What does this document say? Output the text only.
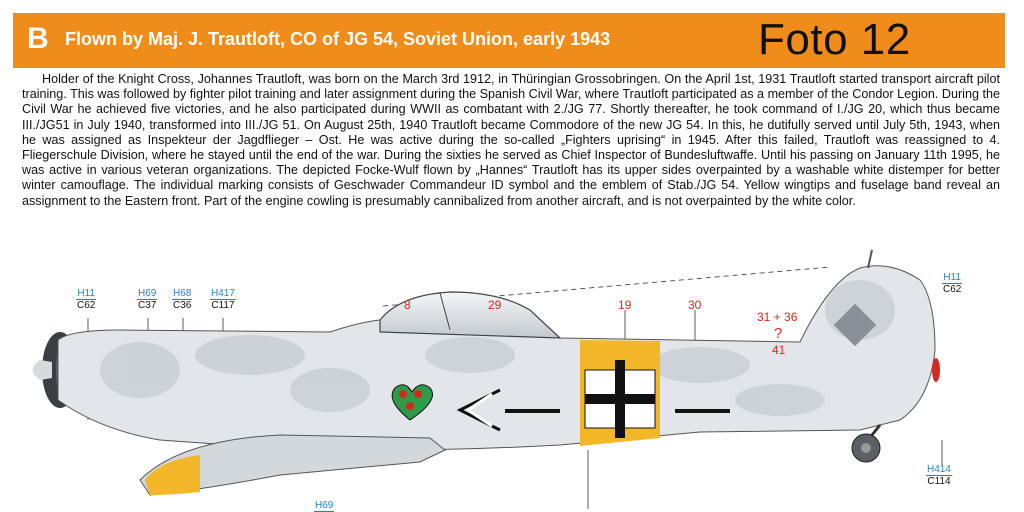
B Flown by Maj. J. Trautloft, CO of JG 54, Soviet Union, early 1943	Foto 12
Holder of the Knight Cross, Johannes Trautloft, was born on the March 3rd 1912, in Thüringian Grossobringen. On the April 1st, 1931 Trautloft started transport aircraft pilot training. This was followed by fighter pilot training and later assignment during the Spanish Civil War, where Trautloft participated as a member of the Condor Legion. During the Civil War he achieved five victories, and he also participated during WWII as combatant with 2./JG 77. Shortly thereafter, he took command of I./JG 20, which thus became III./JG51 in July 1940, transformed into III./JG 51. On August 25th, 1940 Trautloft became Commodore of the new JG 54. In this, he dutifully served until July 5th, 1943, when he was assigned as Inspekteur der Jagdflieger – Ost. He was active during the so-called „Fighters uprising“ in 1945. After this failed, Trautloft was reassigned to 4. Fliegerschule Division, where he stayed until the end of the war. During the sixties he served as Chief Inspector of Bundesluftwaffe. Until his passing on January 11th 1995, he was active in various veteran organizations. The depicted Focke-Wulf flown by „Hannes“ Trautloft has its upper sides overpainted by a washable white distemper for better winter camouflage. The individual marking consists of Geschwader Commandeur ID symbol and the emblem of Stab./JG 54. Yellow wingtips and fuselage band reveal an assignment to the Eastern front. Part of the engine cowling is presumably cannibalized from another aircraft, and is not overpainted by the white color.
H11
C62
H69
C37
H68
C36
H417
C117
H11
C62
H414
C114
H69
8	29	19	30
31 + 36
?
41
